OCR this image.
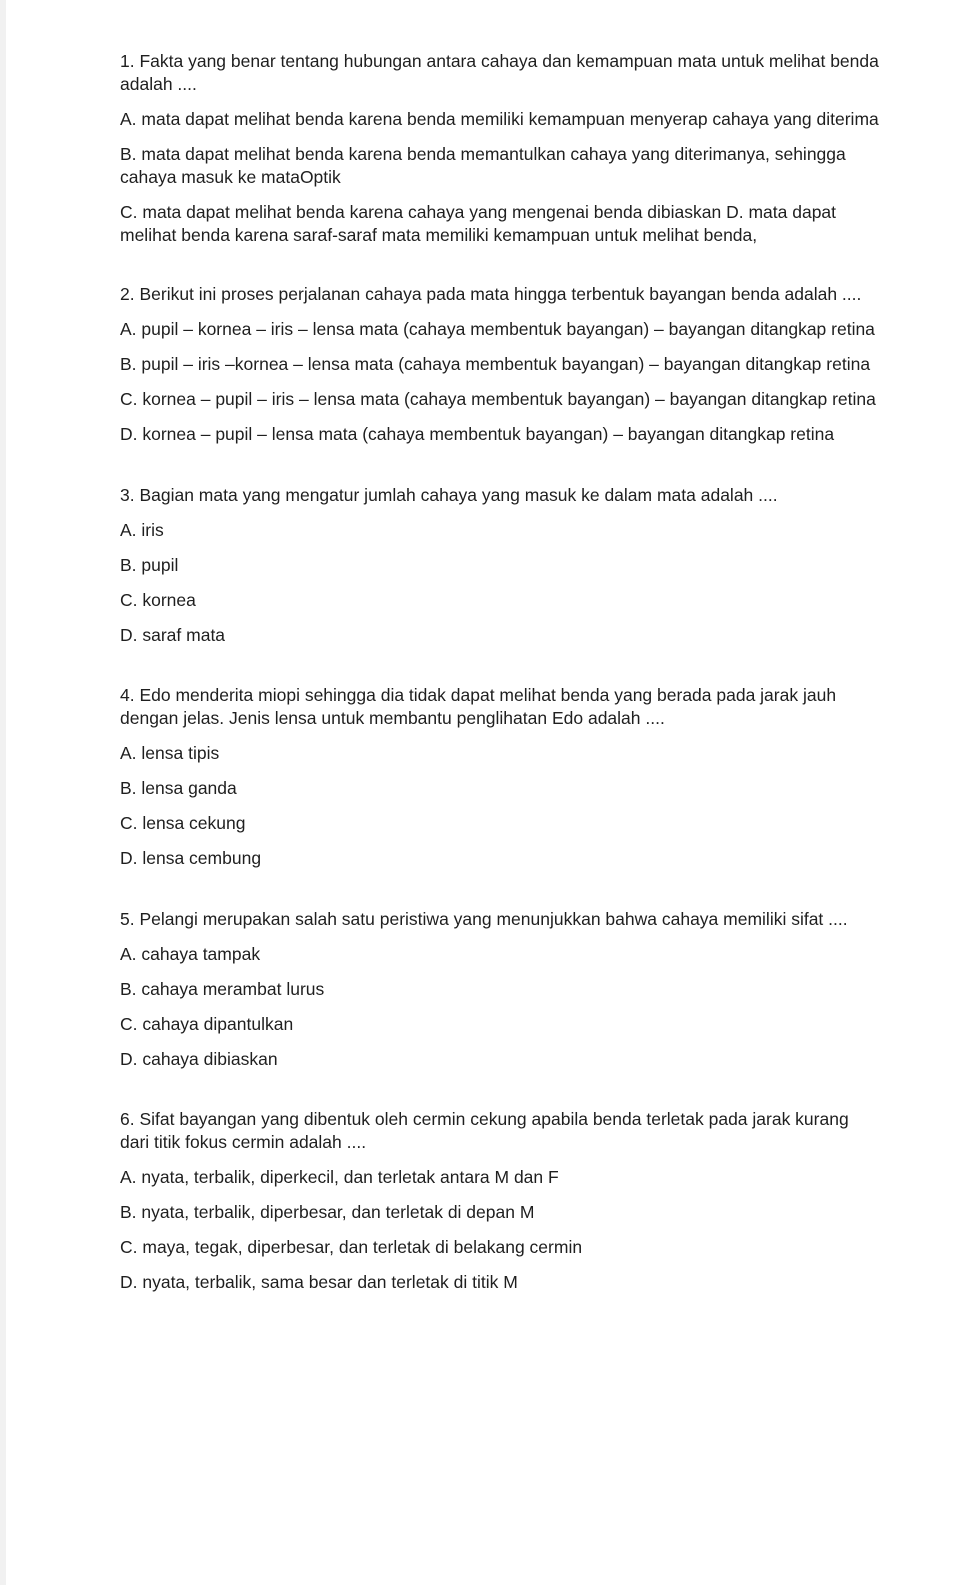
1. Fakta yang benar tentang hubungan antara cahaya dan kemampuan mata untuk melihat benda adalah ....

A. mata dapat melihat benda karena benda memiliki kemampuan menyerap cahaya yang diterima

B. mata dapat melihat benda karena benda memantulkan cahaya yang diterimanya, sehingga cahaya masuk ke mataOptik

C. mata dapat melihat benda karena cahaya yang mengenai benda dibiaskan D. mata dapat melihat benda karena saraf-saraf mata memiliki kemampuan untuk melihat benda,

2. Berikut ini proses perjalanan cahaya pada mata hingga terbentuk bayangan benda adalah ....

A. pupil – kornea – iris – lensa mata (cahaya membentuk bayangan) – bayangan ditangkap retina

B. pupil – iris –kornea – lensa mata (cahaya membentuk bayangan) – bayangan ditangkap retina

C. kornea – pupil – iris – lensa mata (cahaya membentuk bayangan) – bayangan ditangkap retina

D. kornea – pupil – lensa mata (cahaya membentuk bayangan) – bayangan ditangkap retina

3. Bagian mata yang mengatur jumlah cahaya yang masuk ke dalam mata adalah ....

A. iris

B. pupil

C. kornea

D. saraf mata

4. Edo menderita miopi sehingga dia tidak dapat melihat benda yang berada pada jarak jauh dengan jelas. Jenis lensa untuk membantu penglihatan Edo adalah ....

A. lensa tipis

B. lensa ganda

C. lensa cekung

D. lensa cembung

5. Pelangi merupakan salah satu peristiwa yang menunjukkan bahwa cahaya memiliki sifat ....

A. cahaya tampak

B. cahaya merambat lurus

C. cahaya dipantulkan

D. cahaya dibiaskan

6. Sifat bayangan yang dibentuk oleh cermin cekung apabila benda terletak pada jarak kurang dari titik fokus cermin adalah ....

A. nyata, terbalik, diperkecil, dan terletak antara M dan F

B. nyata, terbalik, diperbesar, dan terletak di depan M

C. maya, tegak, diperbesar, dan terletak di belakang cermin

D. nyata, terbalik, sama besar dan terletak di titik M
